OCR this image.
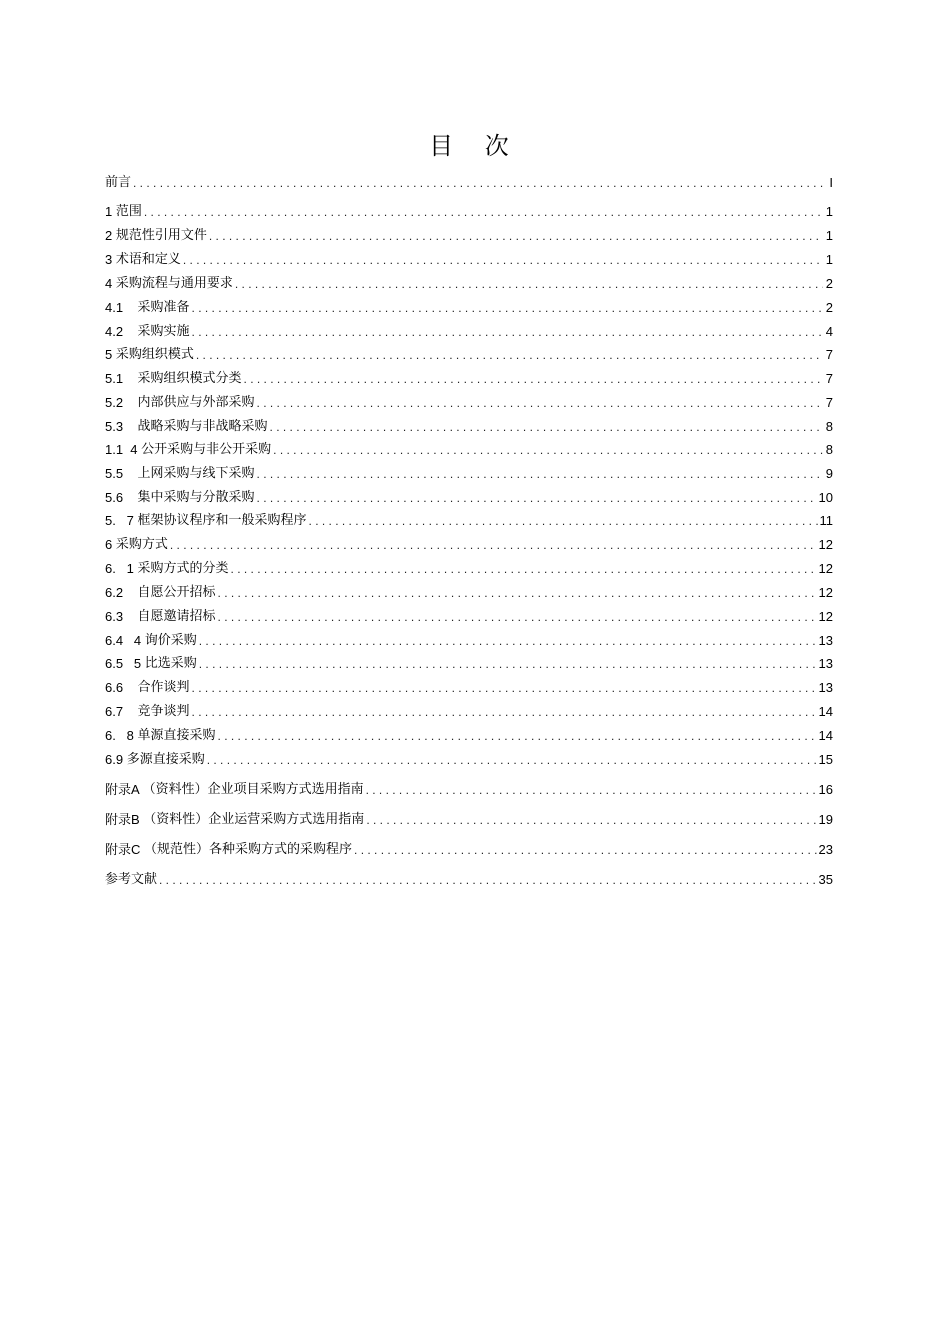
目 次
前言 . . .	I
1 范围 . . .	1
2 规范性引用文件 . . .	1
3 术语和定义 . . .	1
4 采购流程与通用要求 . . .	2
4.1 采购准备 . . .	2
4.2 采购实施 . . .	4
5 采购组织模式 . . .	7
5.1 采购组织模式分类 . . .	7
5.2 内部供应与外部采购 . . .	7
5.3 战略采购与非战略采购 . . .	8
1.1  4 公开采购与非公开采购 . . .	8
5.5 上网采购与线下采购 . . .	9
5.6 集中采购与分散采购 . . .	10
5.   7 框架协议程序和一般采购程序 . . .	11
6 采购方式 . . .	12
6.   1 采购方式的分类 . . .	12
6.2 自愿公开招标 . . .	12
6.3 自愿邀请招标 . . .	12
6.4   4 询价采购 . . .	13
6.5   5 比选采购 . . .	13
6.6 合作谈判 . . .	13
6.7 竞争谈判 . . .	14
6.   8 单源直接采购 . . .	14
6.9 多源直接采购 . . .	15
附录A （资料性）企业项目采购方式选用指南 . . .	16
附录B （资料性）企业运营采购方式选用指南 . . .	19
附录C （规范性）各种采购方式的采购程序 . . .	23
参考文献 . . .	35
